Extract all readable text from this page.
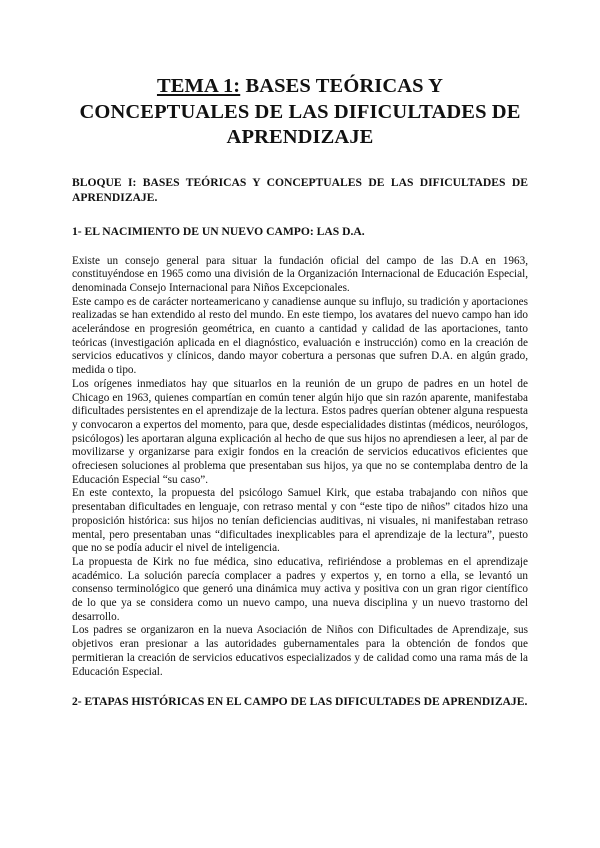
TEMA 1: BASES TEÓRICAS Y CONCEPTUALES DE LAS DIFICULTADES DE APRENDIZAJE
BLOQUE I: BASES TEÓRICAS Y CONCEPTUALES DE LAS DIFICULTADES DE APRENDIZAJE.
1- EL NACIMIENTO DE UN NUEVO CAMPO: LAS D.A.

Existe un consejo general para situar la fundación oficial del campo de las D.A en 1963, constituyéndose en 1965 como una división de la Organización Internacional de Educación Especial, denominada Consejo Internacional para Niños Excepcionales.

Este campo es de carácter norteamericano y canadiense aunque su influjo, su tradición y aportaciones realizadas se han extendido al resto del mundo. En este tiempo, los avatares del nuevo campo han ido acelerándose en progresión geométrica, en cuanto a cantidad y calidad de las aportaciones, tanto teóricas (investigación aplicada en el diagnóstico, evaluación e instrucción) como en la creación de servicios educativos y clínicos, dando mayor cobertura a personas que sufren D.A. en algún grado, medida o tipo.

Los orígenes inmediatos hay que situarlos en la reunión de un grupo de padres en un hotel de Chicago en 1963, quienes compartían en común tener algún hijo que sin razón aparente, manifestaba dificultades persistentes en el aprendizaje de la lectura. Estos padres querían obtener alguna respuesta y convocaron a expertos del momento, para que, desde especialidades distintas (médicos, neurólogos, psicólogos) les aportaran alguna explicación al hecho de que sus hijos no aprendiesen a leer, al par de movilizarse y organizarse para exigir fondos en la creación de servicios educativos eficientes que ofreciesen soluciones al problema que presentaban sus hijos, ya que no se contemplaba dentro de la Educación Especial “su caso”.

En este contexto, la propuesta del psicólogo Samuel Kirk, que estaba trabajando con niños que presentaban dificultades en lenguaje, con retraso mental y con “este tipo de niños” citados hizo una proposición histórica: sus hijos no tenían deficiencias auditivas, ni visuales, ni manifestaban retraso mental, pero presentaban unas “dificultades inexplicables para el aprendizaje de la lectura”, puesto que no se podía aducir el nivel de inteligencia.

La propuesta de Kirk no fue médica, sino educativa, refiriéndose a problemas en el aprendizaje académico. La solución parecía complacer a padres y expertos y, en torno a ella, se levantó un consenso terminológico que generó una dinámica muy activa y positiva con un gran rigor científico de lo que ya se considera como un nuevo campo, una nueva disciplina y un nuevo trastorno del desarrollo.

Los padres se organizaron en la nueva Asociación de Niños con Dificultades de Aprendizaje, sus objetivos eran presionar a las autoridades gubernamentales para la obtención de fondos que permitieran la creación de servicios educativos especializados y de calidad como una rama más de la Educación Especial.

2- ETAPAS HISTÓRICAS EN EL CAMPO DE LAS DIFICULTADES DE APRENDIZAJE.
